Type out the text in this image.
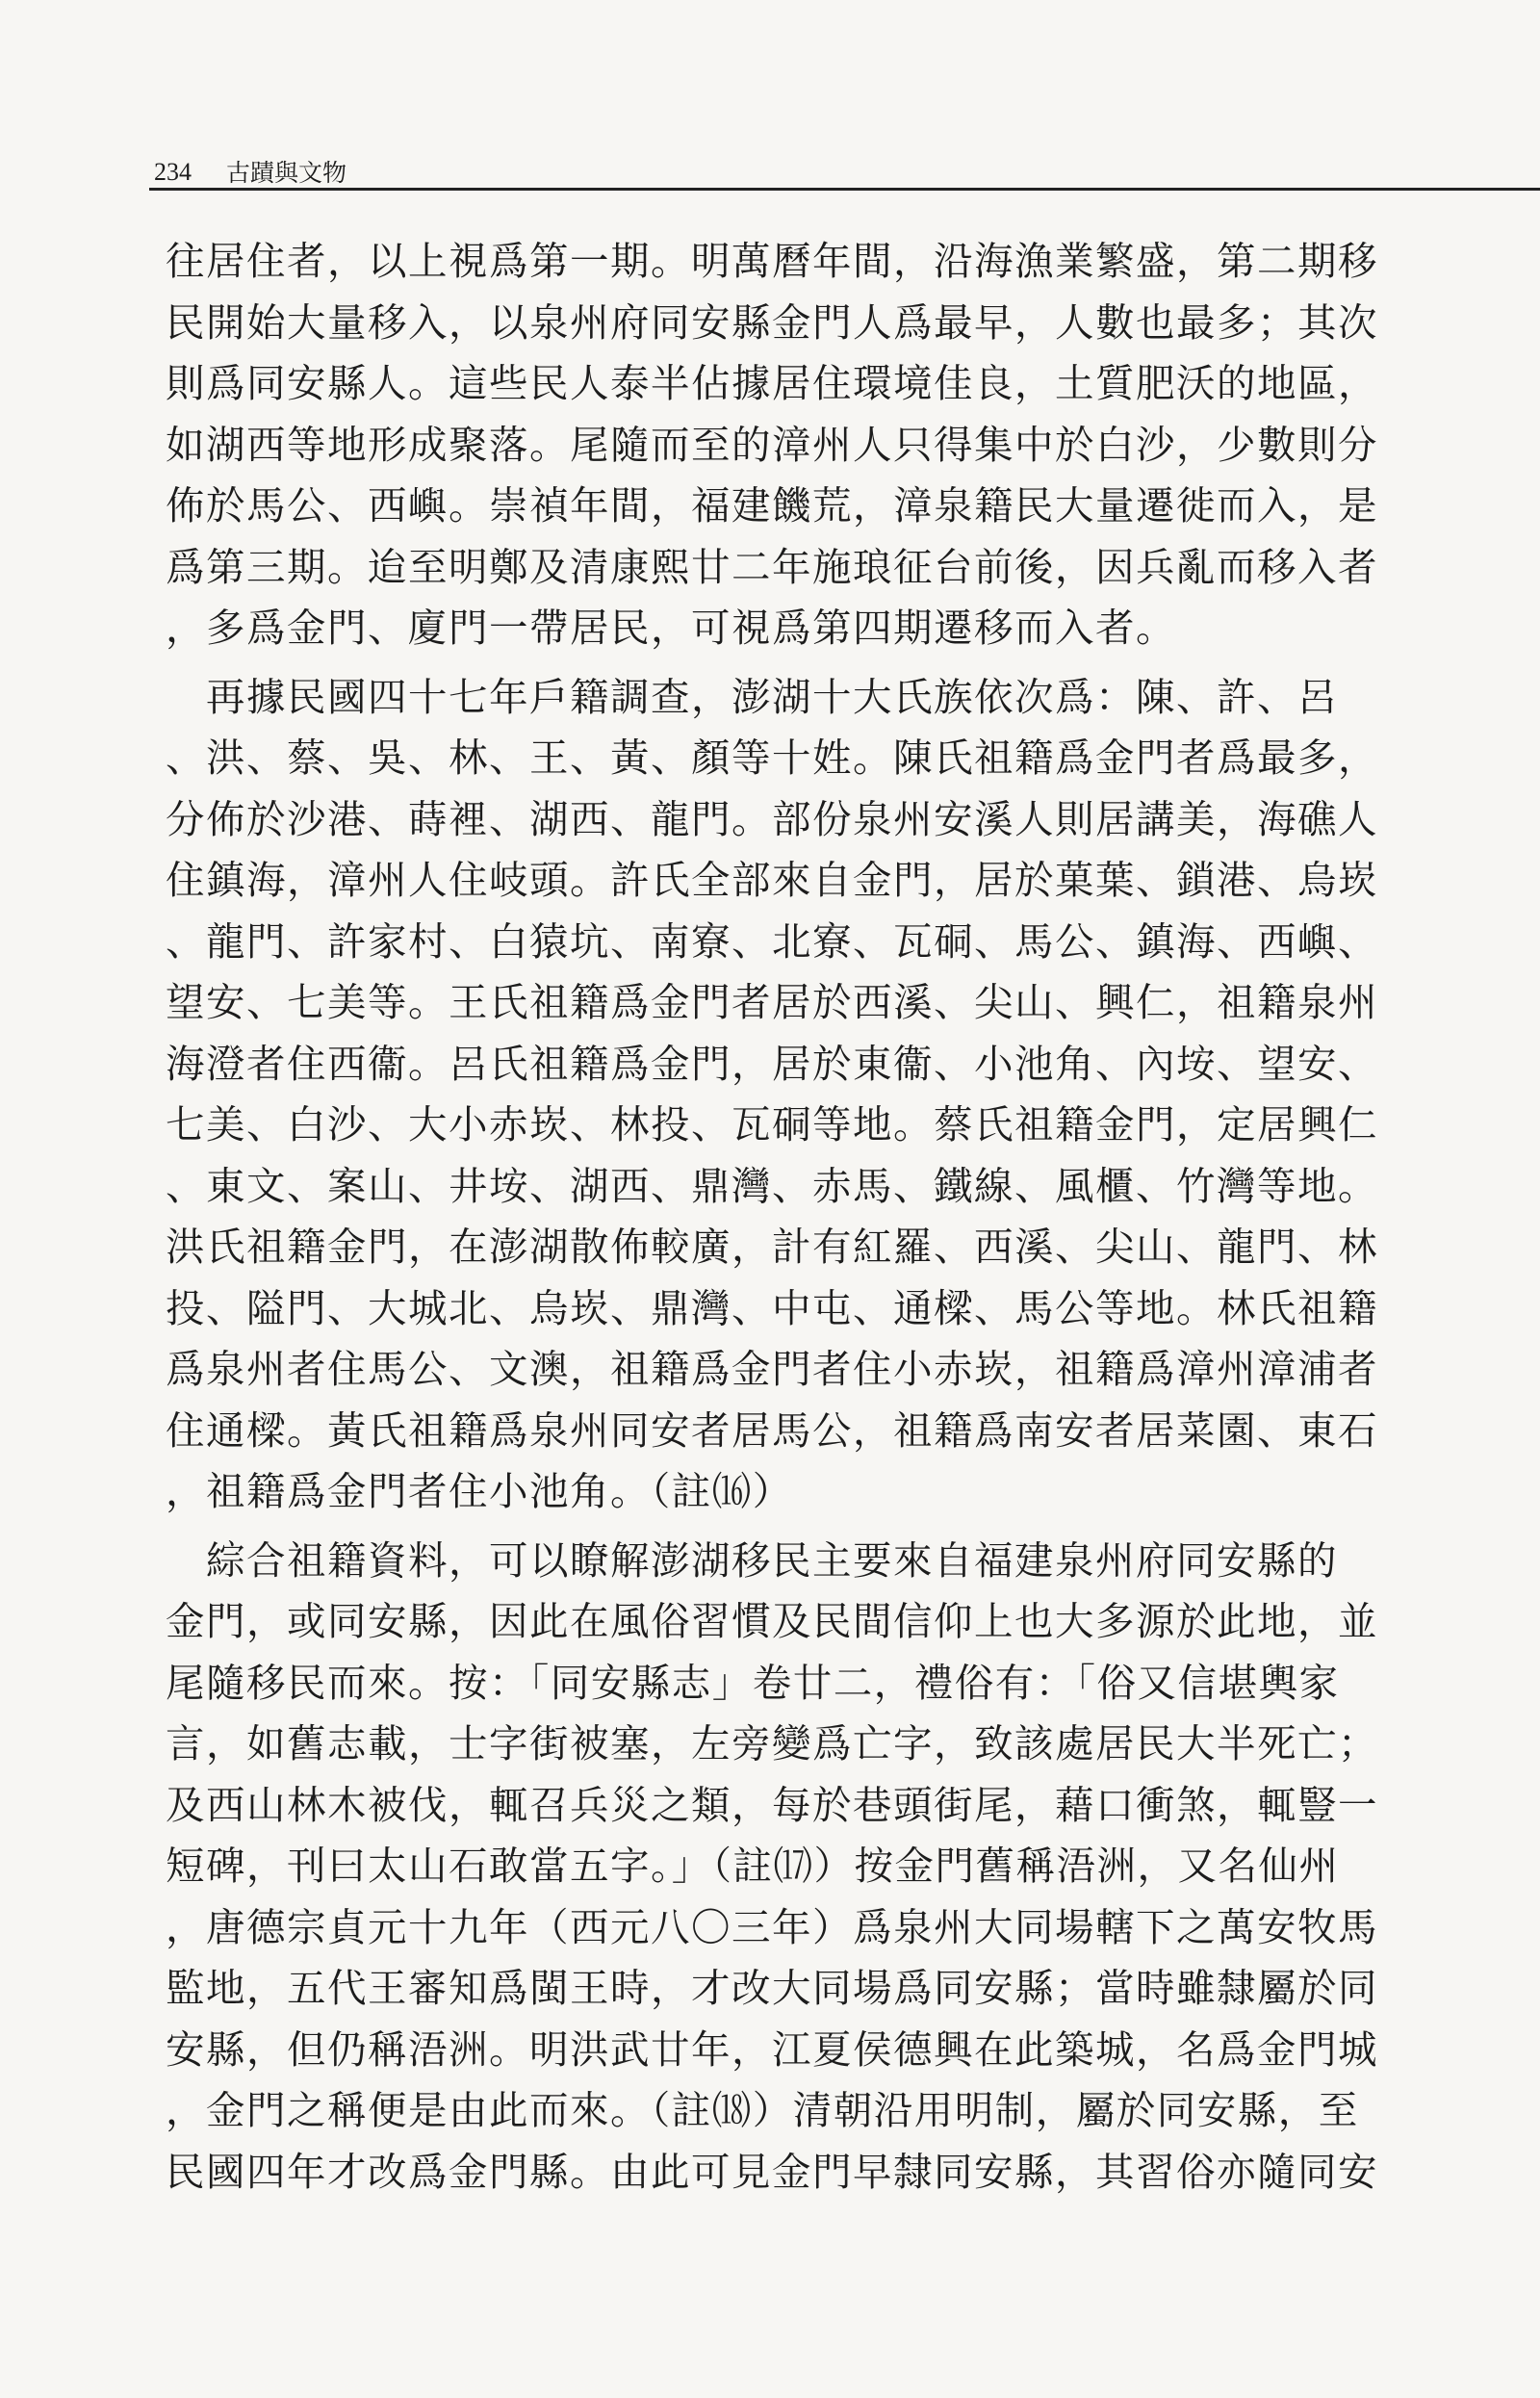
234 古蹟與文物
往居住者，以上視爲第一期。明萬曆年間，沿海漁業繁盛，第二期移
民開始大量移入，以泉州府同安縣金門人爲最早，人數也最多；其次
則爲同安縣人。這些民人泰半佔據居住環境佳良，土質肥沃的地區，
如湖西等地形成聚落。尾隨而至的漳州人只得集中於白沙，少數則分
佈於馬公、西嶼。崇禎年間，福建饑荒，漳泉籍民大量遷徙而入，是
爲第三期。迨至明鄭及清康熙廿二年施琅征台前後，因兵亂而移入者
，多爲金門、廈門一帶居民，可視爲第四期遷移而入者。
　再據民國四十七年戶籍調查，澎湖十大氏族依次爲：陳、許、呂
、洪、蔡、吳、林、王、黃、顏等十姓。陳氏祖籍爲金門者爲最多，
分佈於沙港、蒔裡、湖西、龍門。部份泉州安溪人則居講美，海礁人
住鎮海，漳州人住岐頭。許氏全部來自金門，居於菓葉、鎖港、烏崁
、龍門、許家村、白猿坑、南寮、北寮、瓦硐、馬公、鎮海、西嶼、
望安、七美等。王氏祖籍爲金門者居於西溪、尖山、興仁，祖籍泉州
海澄者住西衞。呂氏祖籍爲金門，居於東衞、小池角、內垵、望安、
七美、白沙、大小赤崁、林投、瓦硐等地。蔡氏祖籍金門，定居興仁
、東文、案山、井垵、湖西、鼎灣、赤馬、鐵線、風櫃、竹灣等地。
洪氏祖籍金門，在澎湖散佈較廣，計有紅羅、西溪、尖山、龍門、林
投、隘門、大城北、烏崁、鼎灣、中屯、通樑、馬公等地。林氏祖籍
爲泉州者住馬公、文澳，祖籍爲金門者住小赤崁，祖籍爲漳州漳浦者
住通樑。黃氏祖籍爲泉州同安者居馬公，祖籍爲南安者居菜園、東石
，祖籍爲金門者住小池角。（註⒃）
　綜合祖籍資料，可以瞭解澎湖移民主要來自福建泉州府同安縣的
金門，或同安縣，因此在風俗習慣及民間信仰上也大多源於此地，並
尾隨移民而來。按：「同安縣志」卷廿二，禮俗有：「俗又信堪輿家
言，如舊志載，士字街被塞，左旁變爲亡字，致該處居民大半死亡；
及西山林木被伐，輒召兵災之類，每於巷頭街尾，藉口衝煞，輒豎一
短碑，刊曰太山石敢當五字。」（註⒄）按金門舊稱浯洲，又名仙州
，唐德宗貞元十九年（西元八〇三年）爲泉州大同場轄下之萬安牧馬
監地，五代王審知爲閩王時，才改大同場爲同安縣；當時雖隸屬於同
安縣，但仍稱浯洲。明洪武廿年，江夏侯德興在此築城，名爲金門城
，金門之稱便是由此而來。（註⒅）清朝沿用明制，屬於同安縣，至
民國四年才改爲金門縣。由此可見金門早隸同安縣，其習俗亦隨同安
